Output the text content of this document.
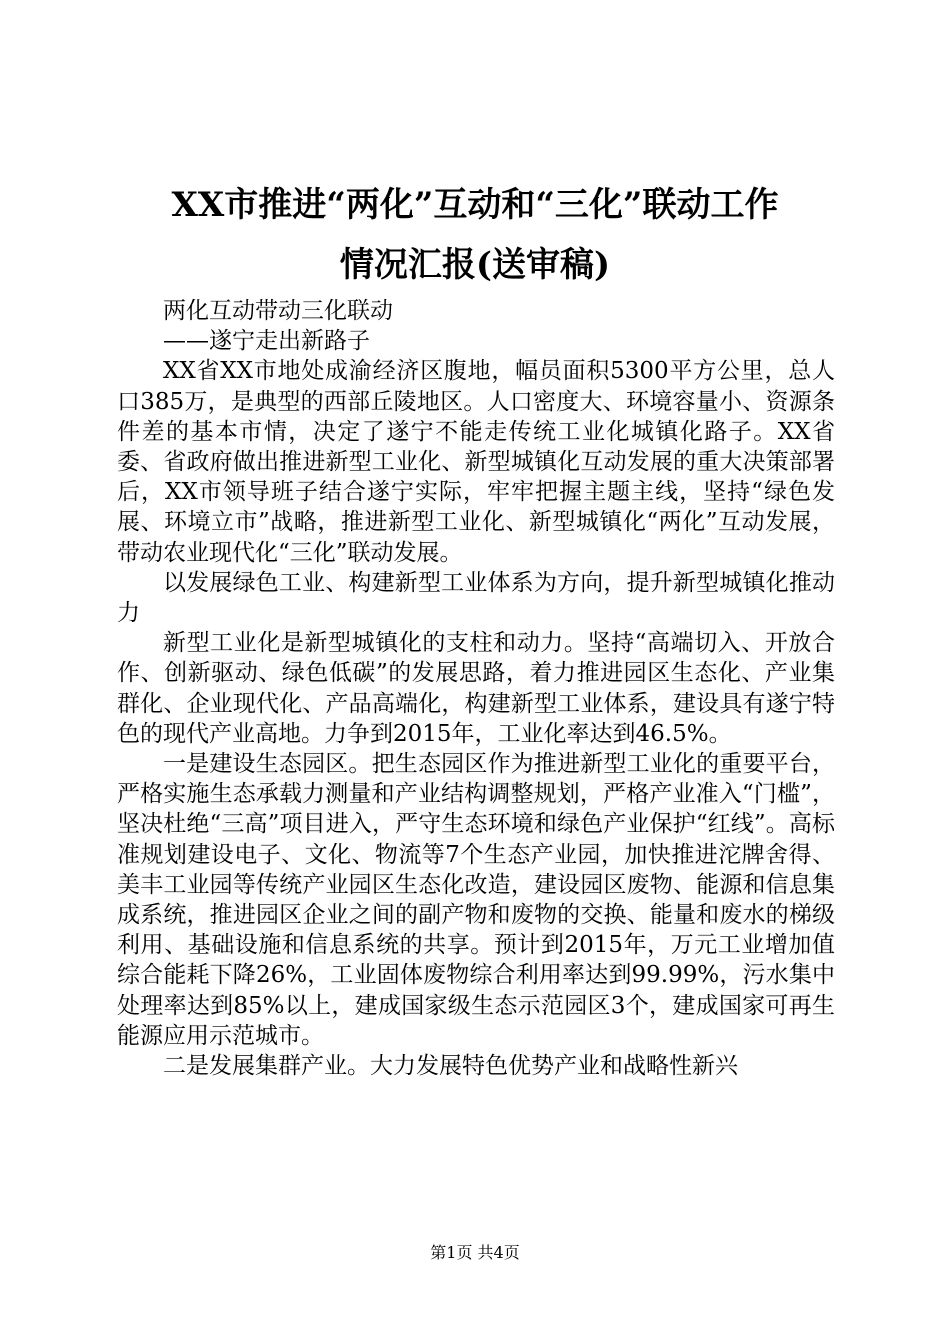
XX市推进“两化”互动和“三化”联动工作
情况汇报(送审稿)

两化互动带动三化联动

——遂宁走出新路子

XX省XX市地处成渝经济区腹地，幅员面积5300平方公里，总人口385万，是典型的西部丘陵地区。人口密度大、环境容量小、资源条件差的基本市情，决定了遂宁不能走传统工业化城镇化路子。XX省委、省政府做出推进新型工业化、新型城镇化互动发展的重大决策部署后，XX市领导班子结合遂宁实际，牢牢把握主题主线，坚持“绿色发展、环境立市”战略，推进新型工业化、新型城镇化“两化”互动发展，带动农业现代化“三化”联动发展。

以发展绿色工业、构建新型工业体系为方向，提升新型城镇化推动力

新型工业化是新型城镇化的支柱和动力。坚持“高端切入、开放合作、创新驱动、绿色低碳”的发展思路，着力推进园区生态化、产业集群化、企业现代化、产品高端化，构建新型工业体系，建设具有遂宁特色的现代产业高地。力争到2015年，工业化率达到46.5%。

一是建设生态园区。把生态园区作为推进新型工业化的重要平台，严格实施生态承载力测量和产业结构调整规划，严格产业准入“门槛”，坚决杜绝“三高”项目进入，严守生态环境和绿色产业保护“红线”。高标准规划建设电子、文化、物流等7个生态产业园，加快推进沱牌舍得、美丰工业园等传统产业园区生态化改造，建设园区废物、能源和信息集成系统，推进园区企业之间的副产物和废物的交换、能量和废水的梯级利用、基础设施和信息系统的共享。预计到2015年，万元工业增加值综合能耗下降26%，工业固体废物综合利用率达到99.99%，污水集中处理率达到85%以上，建成国家级生态示范园区3个，建成国家可再生能源应用示范城市。

二是发展集群产业。大力发展特色优势产业和战略性新兴

第1页 共4页
